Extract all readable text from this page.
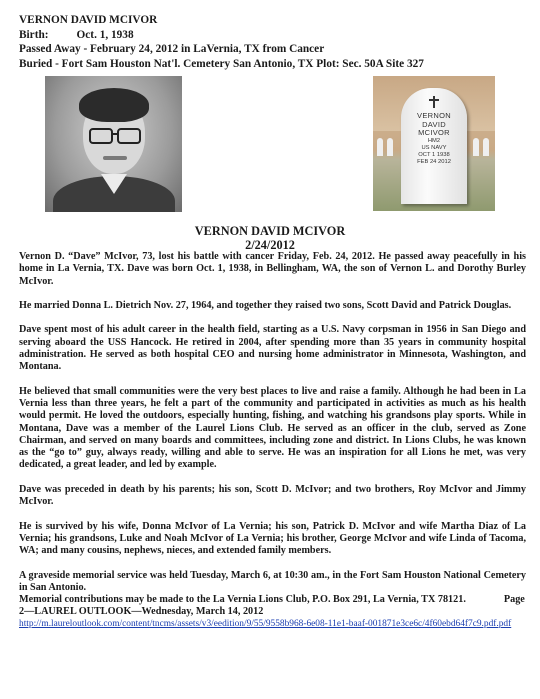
VERNON DAVID MCIVOR
Birth: Oct. 1, 1938
Passed Away - February 24, 2012 in LaVernia, TX from Cancer
Buried - Fort Sam Houston Nat'l. Cemetery San Antonio, TX Plot: Sec. 50A Site 327
VERNON
DAVID
MCIVOR
HM2
US NAVY
OCT 1 1938
FEB 24 2012
VERNON DAVID MCIVOR
2/24/2012

Vernon D. “Dave” McIvor, 73, lost his battle with cancer Friday, Feb. 24, 2012. He passed away peacefully in his home in La Vernia, TX. Dave was born Oct. 1, 1938, in Bellingham, WA, the son of Vernon L. and Dorothy Burley McIvor.

He married Donna L. Dietrich Nov. 27, 1964, and together they raised two sons, Scott David and Patrick Douglas.

Dave spent most of his adult career in the health field, starting as a U.S. Navy corpsman in 1956 in San Diego and serving aboard the USS Hancock. He retired in 2004, after spending more than 35 years in community hospital administration. He served as both hospital CEO and nursing home administrator in Minnesota, Washington, and Montana.

He believed that small communities were the very best places to live and raise a family. Although he had been in La Vernia less than three years, he felt a part of the community and participated in activities as much as his health would permit. He loved the outdoors, especially hunting, fishing, and watching his grandsons play sports. While in Montana, Dave was a member of the Laurel Lions Club. He served as an officer in the club, served as Zone Chairman, and served on many boards and committees, including zone and district. In Lions Clubs, he was known as the “go to” guy, always ready, willing and able to serve. He was an inspiration for all Lions he met, was very dedicated, a great leader, and led by example.

Dave was preceded in death by his parents; his son, Scott D. McIvor; and two brothers, Roy McIvor and Jimmy McIvor.

He is survived by his wife, Donna McIvor of La Vernia; his son, Patrick D. McIvor and wife Martha Diaz of La Vernia; his grandsons, Luke and Noah McIvor of La Vernia; his brother, George McIvor and wife Linda of Tacoma, WA; and many cousins, nephews, nieces, and extended family members.

A graveside memorial service was held Tuesday, March 6, at 10:30 am., in the Fort Sam Houston National Cemetery in San Antonio.

Memorial contributions may be made to the La Vernia Lions Club, P.O. Box 291, La Vernia, TX 78121.	Page 2—LAUREL OUTLOOK—Wednesday, March 14, 2012
http://m.laurelоutlook.com/content/tncms/assets/v3/eedition/9/55/9558b968-6e08-11e1-baaf-001871e3ce6c/4f60ebd64f7c9.pdf.pdf
